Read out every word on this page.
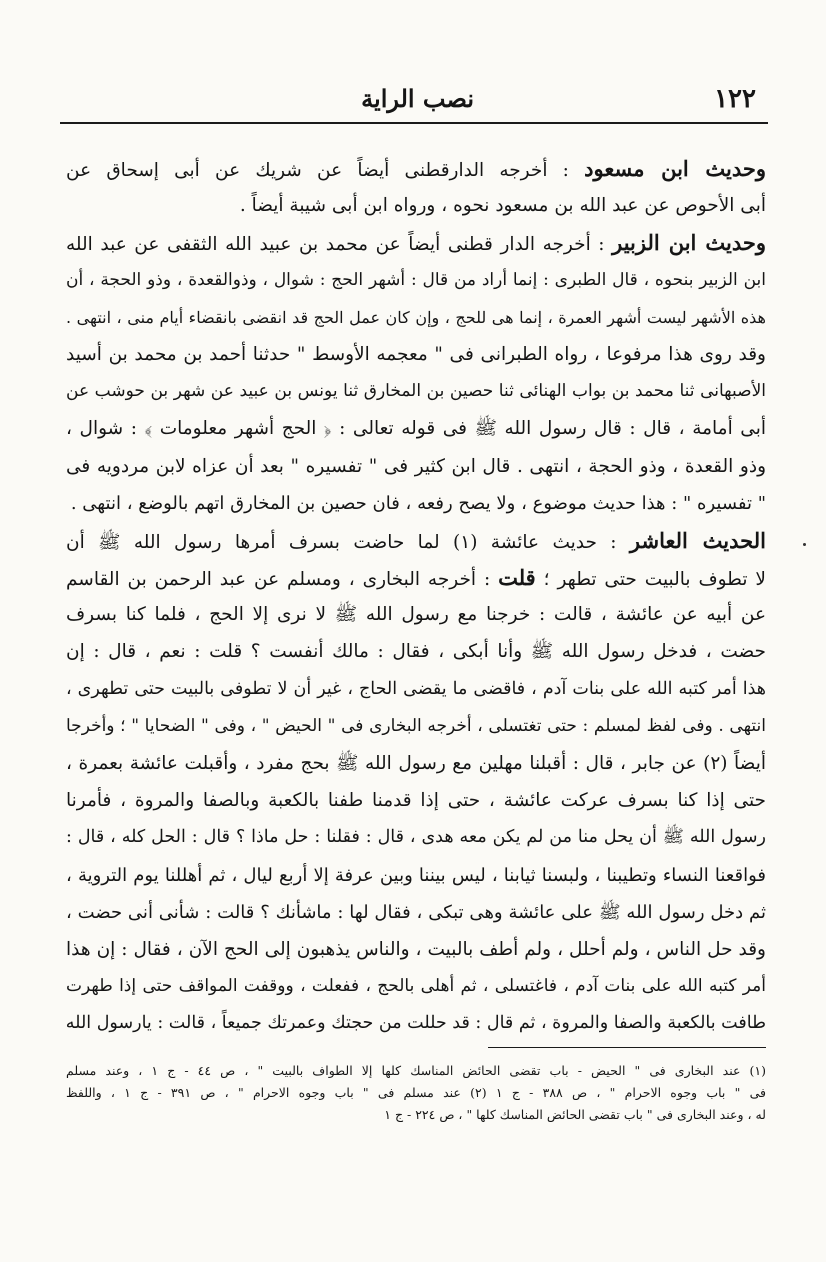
١٢٢
نصب الراية
وحديث ابن مسعود : أخرجه الدارقطنى أيضاً عن شريك عن أبى إسحاق عن
أبى الأحوص عن عبد الله بن مسعود نحوه ، ورواه ابن أبى شيبة أيضاً .
وحديث ابن الزبير : أخرجه الدار قطنى أيضاً عن محمد بن عبيد الله الثقفى عن عبد الله
ابن الزبير بنحوه ، قال الطبرى : إنما أراد من قال : أشهر الحج : شوال ، وذوالقعدة ، وذو الحجة ، أن
هذه الأشهر ليست أشهر العمرة ، إنما هى للحج ، وإن كان عمل الحج قد انقضى بانقضاء أيام منى ، انتهى .
وقد روى هذا مرفوعا ، رواه الطبرانى فى " معجمه الأوسط " حدثنا أحمد بن محمد بن أسيد
الأصبهانى ثنا محمد بن بواب الهنائى ثنا حصين بن المخارق ثنا يونس بن عبيد عن شهر بن حوشب عن
أبى أمامة ، قال : قال رسول الله ﷺ فى قوله تعالى : ﴿ الحج أشهر معلومات ﴾ : شوال ،
وذو القعدة ، وذو الحجة ، انتهى . قال ابن كثير فى " تفسيره " بعد أن عزاه لابن مردويه فى
" تفسيره " : هذا حديث موضوع ، ولا يصح رفعه ، فان حصين بن المخارق اتهم بالوضع ، انتهى .
الحديث العاشر : حديث عائشة (١) لما حاضت بسرف أمرها رسول الله ﷺ أن
لا تطوف بالبيت حتى تطهر ؛ قلت : أخرجه البخارى ، ومسلم عن عبد الرحمن بن القاسم
عن أبيه عن عائشة ، قالت : خرجنا مع رسول الله ﷺ لا نرى إلا الحج ، فلما كنا بسرف
حضت ، فدخل رسول الله ﷺ وأنا أبكى ، فقال : مالك أنفست ؟ قلت : نعم ، قال : إن
هذا أمر كتبه الله على بنات آدم ، فاقضى ما يقضى الحاج ، غير أن لا تطوفى بالبيت حتى تطهرى ،
انتهى . وفى لفظ لمسلم : حتى تغتسلى ، أخرجه البخارى فى " الحيض " ، وفى " الضحايا " ؛ وأخرجا
أيضاً (٢) عن جابر ، قال : أقبلنا مهلين مع رسول الله ﷺ بحج مفرد ، وأقبلت عائشة بعمرة ،
حتى إذا كنا بسرف عركت عائشة ، حتى إذا قدمنا طفنا بالكعبة وبالصفا والمروة ، فأمرنا
رسول الله ﷺ أن يحل منا من لم يكن معه هدى ، قال : فقلنا : حل ماذا ؟ قال : الحل كله ، قال :
فواقعنا النساء وتطيبنا ، ولبسنا ثيابنا ، ليس بيننا وبين عرفة إلا أربع ليال ، ثم أهللنا يوم التروية ،
ثم دخل رسول الله ﷺ على عائشة وهى تبكى ، فقال لها : ماشأنك ؟ قالت : شأنى أنى حضت ،
وقد حل الناس ، ولم أحلل ، ولم أطف بالبيت ، والناس يذهبون إلى الحج الآن ، فقال : إن هذا
أمر كتبه الله على بنات آدم ، فاغتسلى ، ثم أهلى بالحج ، ففعلت ، ووقفت المواقف حتى إذا طهرت
طافت بالكعبة والصفا والمروة ، ثم قال : قد حللت من حجتك وعمرتك جميعاً ، قالت : يارسول الله
(١) عند البخارى فى " الحيض - باب تقضى الحائض المناسك كلها إلا الطواف بالبيت " ، ص ٤٤ - ج ١ ، وعند مسلم
فى " باب وجوه الاحرام " ، ص ٣٨٨ - ج ١ (٢) عند مسلم فى " باب وجوه الاحرام " ، ص ٣٩١ - ج ١ ، واللفظ
له ، وعند البخارى فى " باب تقضى الحائض المناسك كلها " ، ص ٢٢٤ - ج ١
